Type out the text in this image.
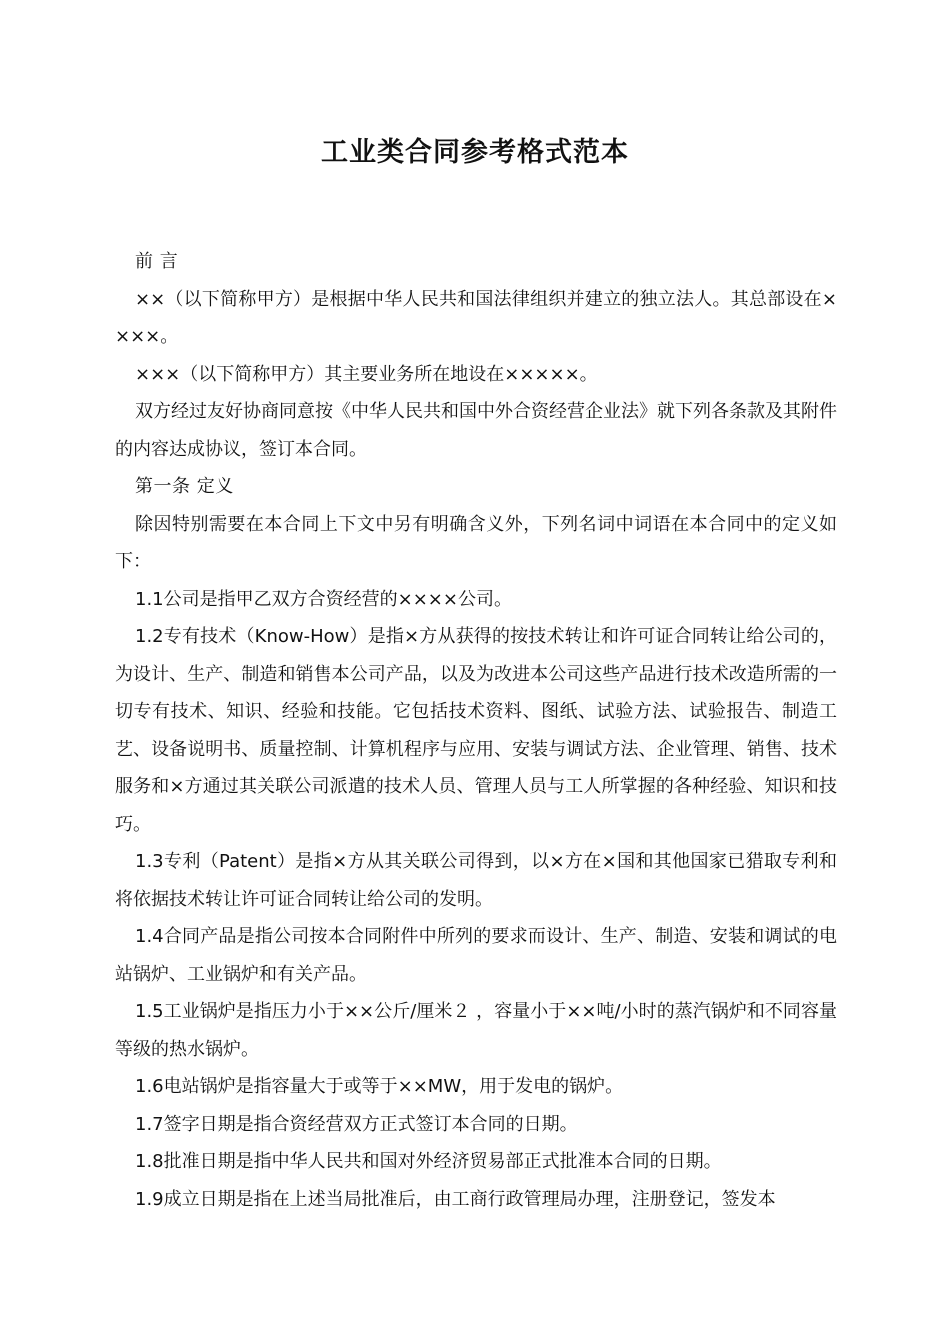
工业类合同参考格式范本

前 言

××（以下简称甲方）是根据中华人民共和国法律组织并建立的独立法人。其总部设在××××。

×××（以下简称甲方）其主要业务所在地设在×××××。

双方经过友好协商同意按《中华人民共和国中外合资经营企业法》就下列各条款及其附件的内容达成协议，签订本合同。

第一条 定义

除因特别需要在本合同上下文中另有明确含义外，下列名词中词语在本合同中的定义如下：

1.1公司是指甲乙双方合资经营的××××公司。

1.2专有技术（Know-How）是指×方从获得的按技术转让和许可证合同转让给公司的，为设计、生产、制造和销售本公司产品，以及为改进本公司这些产品进行技术改造所需的一切专有技术、知识、经验和技能。它包括技术资料、图纸、试验方法、试验报告、制造工艺、设备说明书、质量控制、计算机程序与应用、安装与调试方法、企业管理、销售、技术服务和×方通过其关联公司派遣的技术人员、管理人员与工人所掌握的各种经验、知识和技巧。

1.3专利（Patent）是指×方从其关联公司得到，以×方在×国和其他国家已猎取专利和将依据技术转让许可证合同转让给公司的发明。

1.4合同产品是指公司按本合同附件中所列的要求而设计、生产、制造、安装和调试的电站锅炉、工业锅炉和有关产品。

1.5工业锅炉是指压力小于××公斤/厘米２ ，容量小于××吨/小时的蒸汽锅炉和不同容量等级的热水锅炉。

1.6电站锅炉是指容量大于或等于××MW，用于发电的锅炉。

1.7签字日期是指合资经营双方正式签订本合同的日期。

1.8批准日期是指中华人民共和国对外经济贸易部正式批准本合同的日期。

1.9成立日期是指在上述当局批准后，由工商行政管理局办理，注册登记，签发本
